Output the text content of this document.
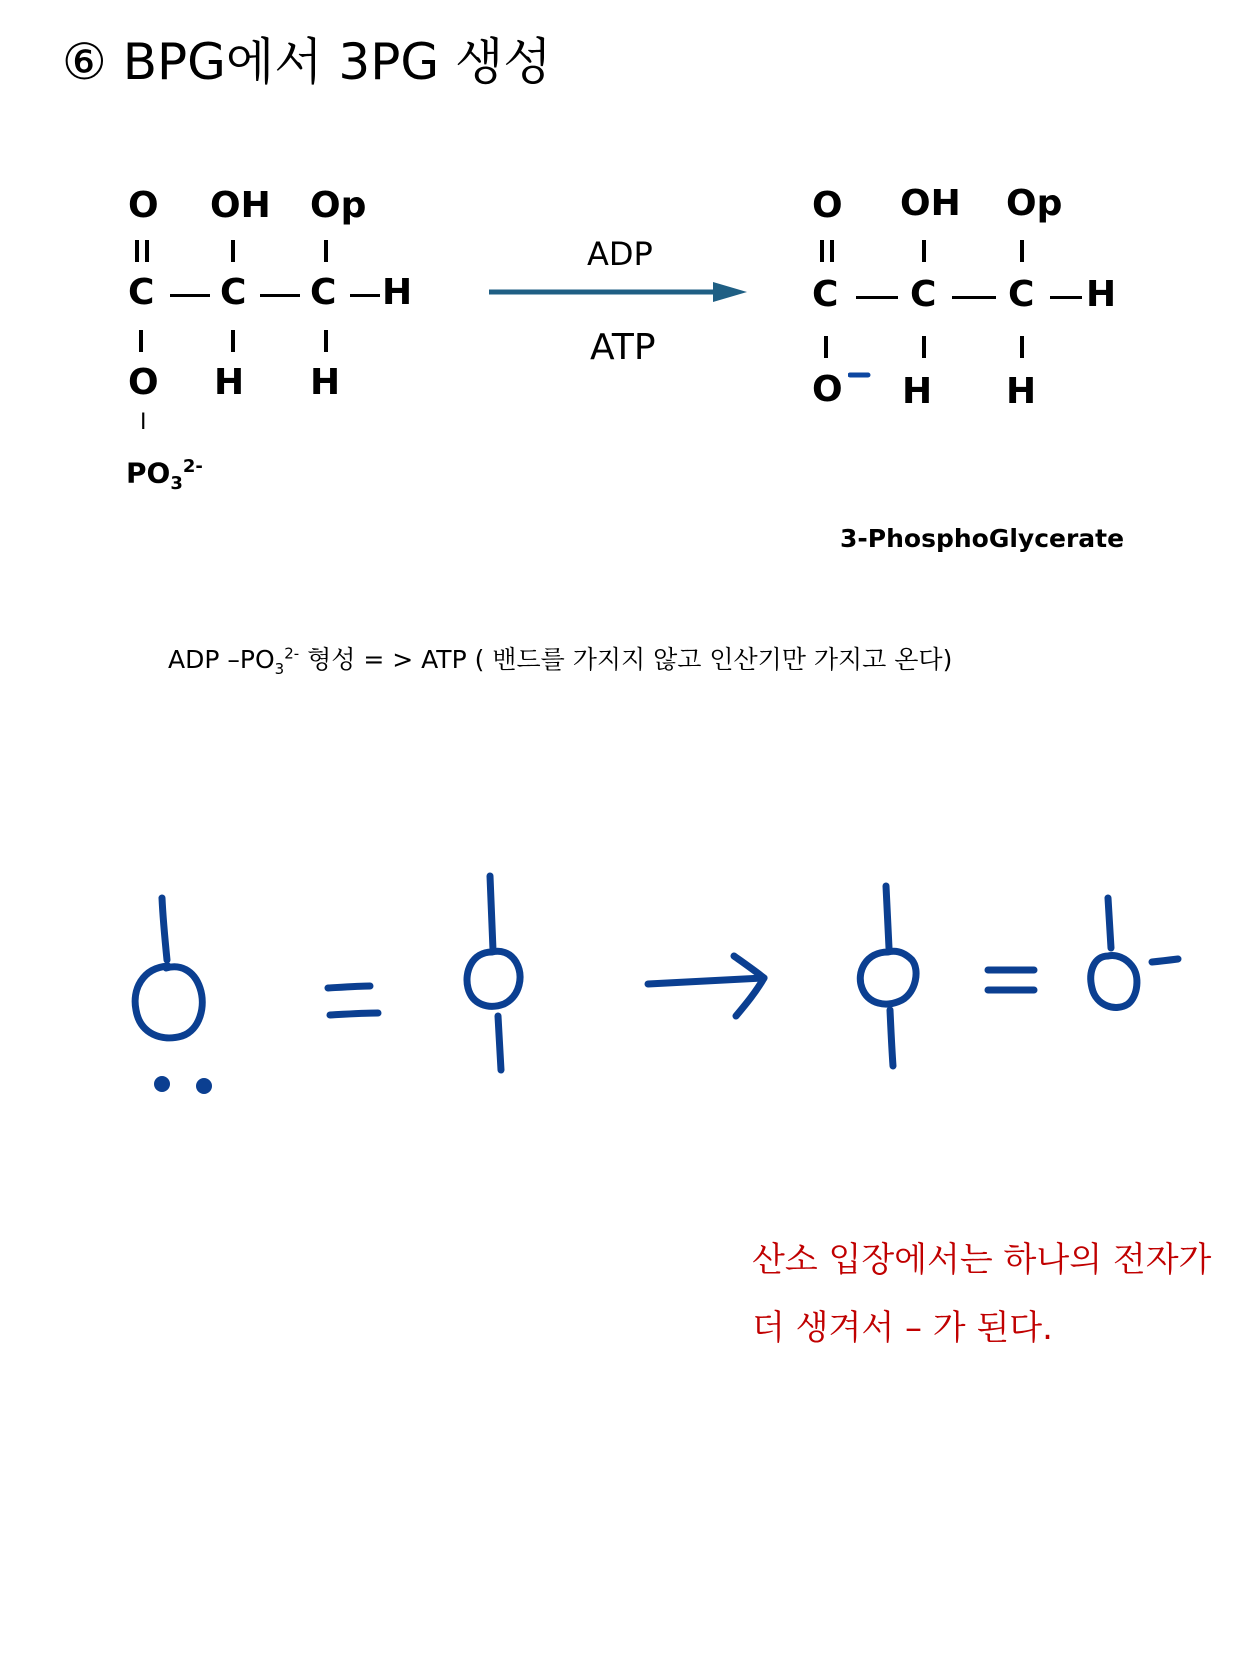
⑥ BPG에서 3PG 생성
O OH Op
C C C H
O H H
I
$PO_3^{2-}$
ADP
ATP
O OH Op
C C C H
O H H
3-PhosphoGlycerate
ADP $-PO_3^{2-}$ 형성 = > ATP ( 밴드를 가지지 않고 인산기만 가지고 온다)
산소 입장에서는 하나의 전자가
더 생겨서 – 가 된다.
